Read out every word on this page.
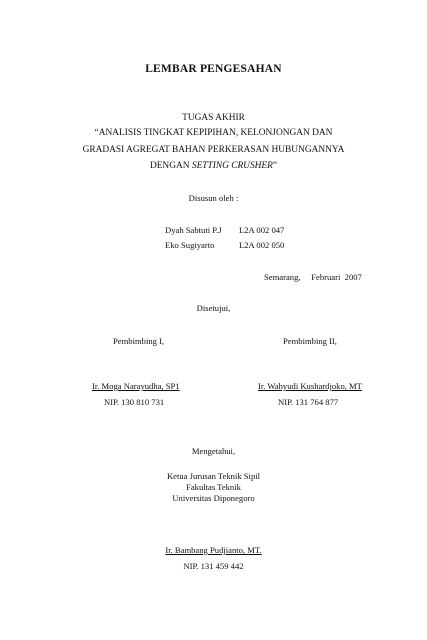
LEMBAR PENGESAHAN
TUGAS AKHIR
“ANALISIS TINGKAT KEPIPIHAN, KELONJONGAN DAN
GRADASI AGREGAT BAHAN PERKERASAN HUBUNGANNYA
DENGAN SETTING CRUSHER”
Disusun oleh :
Dyah Sabtuti P.J L2A 002 047
Eko Sugiyarto	L2A 002 050
Semarang,     Februari  2007
Disetujui,
Pembimbing I,	Pembimbing II,
Ir. Moga Narayudha, SP1
NIP. 130 810 731
Ir. Wahyudi Kushardjoko, MT
NIP. 131 764 877
Mengetahui,
Ketua Jurusan Teknik Sipil
Fakultas Teknik
Universitas Diponegoro
Ir. Bambang Pudjianto, MT.
NIP. 131 459 442
